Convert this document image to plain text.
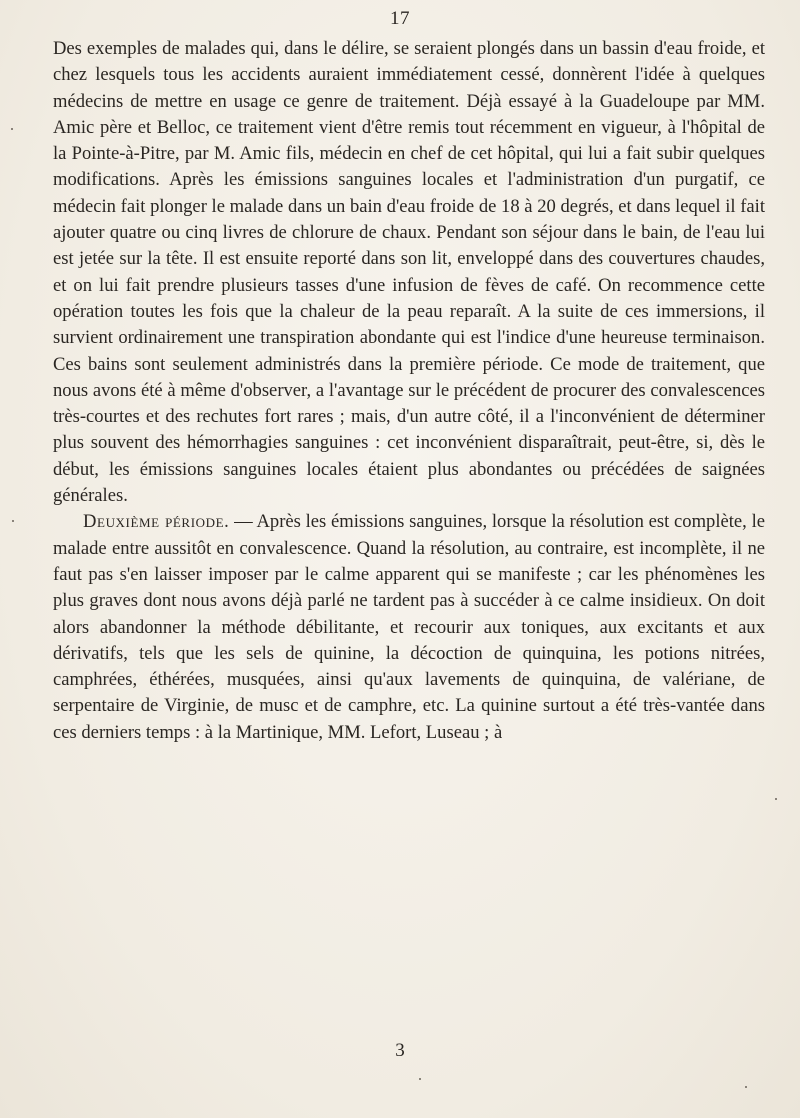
17

Des exemples de malades qui, dans le délire, se seraient plongés dans un bassin d'eau froide, et chez lesquels tous les accidents auraient immédiatement cessé, donnèrent l'idée à quelques médecins de mettre en usage ce genre de traitement. Déjà essayé à la Guadeloupe par MM. Amic père et Belloc, ce traitement vient d'être remis tout récemment en vigueur, à l'hôpital de la Pointe-à-Pitre, par M. Amic fils, médecin en chef de cet hôpital, qui lui a fait subir quelques modifications. Après les émissions sanguines locales et l'administration d'un purgatif, ce médecin fait plonger le malade dans un bain d'eau froide de 18 à 20 degrés, et dans lequel il fait ajouter quatre ou cinq livres de chlorure de chaux. Pendant son séjour dans le bain, de l'eau lui est jetée sur la tête. Il est ensuite reporté dans son lit, enveloppé dans des couvertures chaudes, et on lui fait prendre plusieurs tasses d'une infusion de fèves de café. On recommence cette opération toutes les fois que la chaleur de la peau reparaît. A la suite de ces immersions, il survient ordinairement une transpiration abondante qui est l'indice d'une heureuse terminaison. Ces bains sont seulement administrés dans la première période. Ce mode de traitement, que nous avons été à même d'observer, a l'avantage sur le précédent de procurer des convalescences très-courtes et des rechutes fort rares ; mais, d'un autre côté, il a l'inconvénient de déterminer plus souvent des hémorrhagies sanguines : cet inconvénient disparaîtrait, peut-être, si, dès le début, les émissions sanguines locales étaient plus abondantes ou précédées de saignées générales.

Deuxième période. — Après les émissions sanguines, lorsque la résolution est complète, le malade entre aussitôt en convalescence. Quand la résolution, au contraire, est incomplète, il ne faut pas s'en laisser imposer par le calme apparent qui se manifeste ; car les phénomènes les plus graves dont nous avons déjà parlé ne tardent pas à succéder à ce calme insidieux. On doit alors abandonner la méthode débilitante, et recourir aux toniques, aux excitants et aux dérivatifs, tels que les sels de quinine, la décoction de quinquina, les potions nitrées, camphrées, éthérées, musquées, ainsi qu'aux lavements de quinquina, de valériane, de serpentaire de Virginie, de musc et de camphre, etc. La quinine surtout a été très-vantée dans ces derniers temps : à la Martinique, MM. Lefort, Luseau ; à

3
